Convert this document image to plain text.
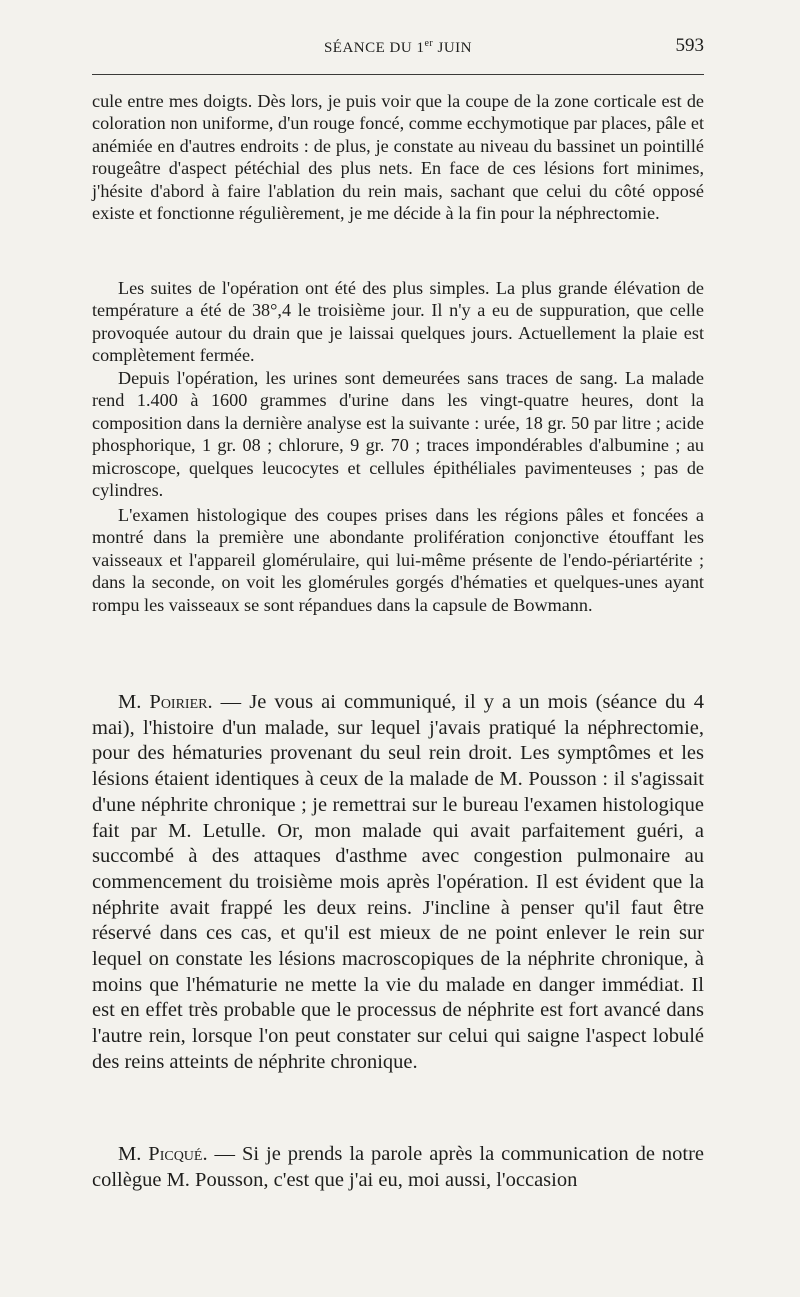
SÉANCE DU 1er JUIN	593

cule entre mes doigts. Dès lors, je puis voir que la coupe de la zone corticale est de coloration non uniforme, d'un rouge foncé, comme ecchymotique par places, pâle et anémiée en d'autres endroits : de plus, je constate au niveau du bassinet un pointillé rougeâtre d'aspect pétéchial des plus nets. En face de ces lésions fort minimes, j'hésite d'abord à faire l'ablation du rein mais, sachant que celui du côté opposé existe et fonctionne régulièrement, je me décide à la fin pour la néphrectomie.

Les suites de l'opération ont été des plus simples. La plus grande élévation de température a été de 38°,4 le troisième jour. Il n'y a eu de suppuration, que celle provoquée autour du drain que je laissai quelques jours. Actuellement la plaie est complètement fermée.

Depuis l'opération, les urines sont demeurées sans traces de sang. La malade rend 1.400 à 1600 grammes d'urine dans les vingt-quatre heures, dont la composition dans la dernière analyse est la suivante : urée, 18 gr. 50 par litre ; acide phosphorique, 1 gr. 08 ; chlorure, 9 gr. 70 ; traces impondérables d'albumine ; au microscope, quelques leucocytes et cellules épithéliales pavimenteuses ; pas de cylindres.

L'examen histologique des coupes prises dans les régions pâles et foncées a montré dans la première une abondante prolifération conjonctive étouffant les vaisseaux et l'appareil glomérulaire, qui lui-même présente de l'endo-périartérite ; dans la seconde, on voit les glomérules gorgés d'hématies et quelques-unes ayant rompu les vaisseaux se sont répandues dans la capsule de Bowmann.

M. Poirier. — Je vous ai communiqué, il y a un mois (séance du 4 mai), l'histoire d'un malade, sur lequel j'avais pratiqué la néphrectomie, pour des hématuries provenant du seul rein droit. Les symptômes et les lésions étaient identiques à ceux de la malade de M. Pousson : il s'agissait d'une néphrite chronique ; je remettrai sur le bureau l'examen histologique fait par M. Letulle. Or, mon malade qui avait parfaitement guéri, a succombé à des attaques d'asthme avec congestion pulmonaire au commencement du troisième mois après l'opération. Il est évident que la néphrite avait frappé les deux reins. J'incline à penser qu'il faut être réservé dans ces cas, et qu'il est mieux de ne point enlever le rein sur lequel on constate les lésions macroscopiques de la néphrite chronique, à moins que l'hématurie ne mette la vie du malade en danger immédiat. Il est en effet très probable que le processus de néphrite est fort avancé dans l'autre rein, lorsque l'on peut constater sur celui qui saigne l'aspect lobulé des reins atteints de néphrite chronique.

M. Picqué. — Si je prends la parole après la communication de notre collègue M. Pousson, c'est que j'ai eu, moi aussi, l'occasion
